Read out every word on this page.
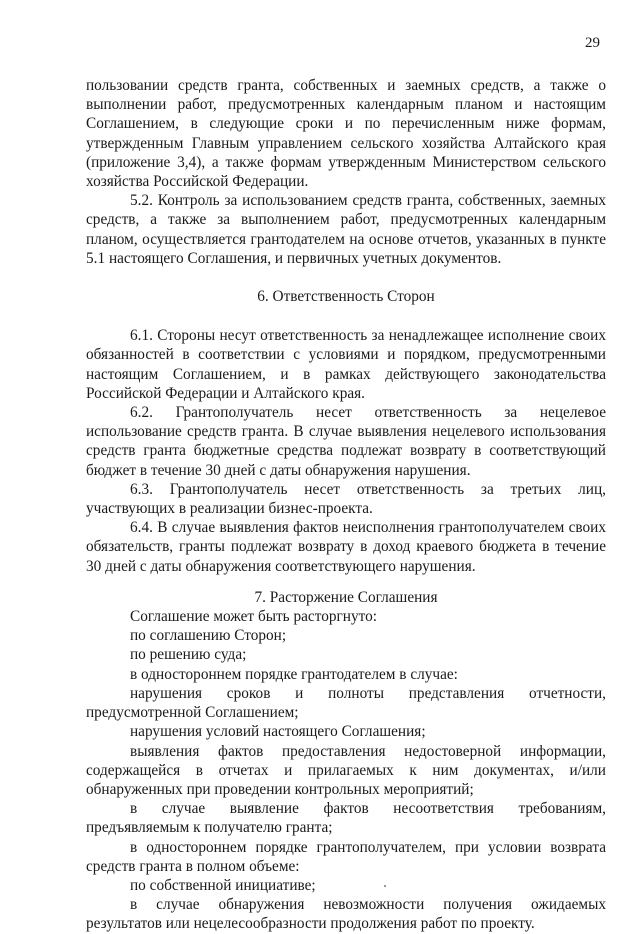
29

пользовании средств гранта, собственных и заемных средств, а также о выполнении работ, предусмотренных календарным планом и настоящим Соглашением, в следующие сроки и по перечисленным ниже формам, утвержденным Главным управлением сельского хозяйства Алтайского края (приложение 3,4), а также формам утвержденным Министерством сельского хозяйства Российской Федерации.

5.2. Контроль за использованием средств гранта, собственных, заемных средств, а также за выполнением работ, предусмотренных календарным планом, осуществляется грантодателем на основе отчетов, указанных в пункте 5.1 настоящего Соглашения, и первичных учетных документов.

6. Ответственность Сторон

6.1. Стороны несут ответственность за ненадлежащее исполнение своих обязанностей в соответствии с условиями и порядком, предусмотренными настоящим Соглашением, и в рамках действующего законодательства Российской Федерации и Алтайского края.

6.2. Грантополучатель несет ответственность за нецелевое использование средств гранта. В случае выявления нецелевого использования средств гранта бюджетные средства подлежат возврату в соответствующий бюджет в течение 30 дней с даты обнаружения нарушения.

6.3. Грантополучатель несет ответственность за третьих лиц, участвующих в реализации бизнес-проекта.

6.4. В случае выявления фактов неисполнения грантополучателем своих обязательств, гранты подлежат возврату в доход краевого бюджета в течение 30 дней с даты обнаружения соответствующего нарушения.

7. Расторжение Соглашения

Соглашение может быть расторгнуто:

по соглашению Сторон;

по решению суда;

в одностороннем порядке грантодателем в случае:

нарушения сроков и полноты представления отчетности, предусмотренной Соглашением;

нарушения условий настоящего Соглашения;

выявления фактов предоставления недостоверной информации, содержащейся в отчетах и прилагаемых к ним документах, и/или обнаруженных при проведении контрольных мероприятий;

в случае выявление фактов несоответствия требованиям, предъявляемым к получателю гранта;

в одностороннем порядке грантополучателем, при условии возврата средств гранта в полном объеме:

по собственной инициативе;

в случае обнаружения невозможности получения ожидаемых результатов или нецелесообразности продолжения работ по проекту.
